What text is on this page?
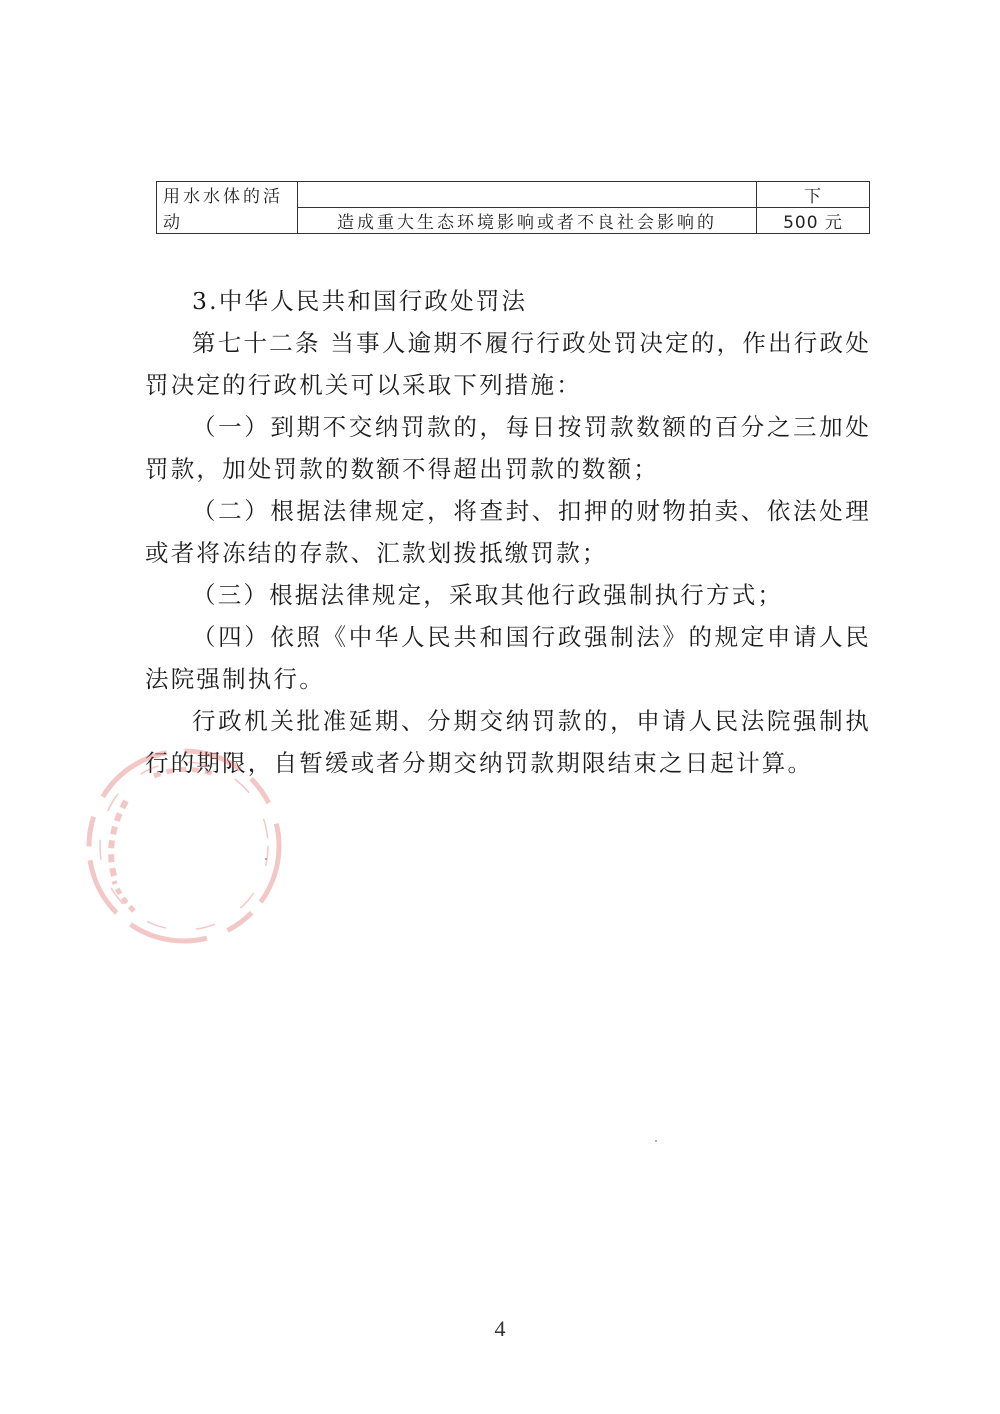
用水水体的活		下
动	造成重大生态环境影响或者不良社会影响的	500 元

3.中华人民共和国行政处罚法

第七十二条 当事人逾期不履行行政处罚决定的，作出行政处罚决定的行政机关可以采取下列措施：

（一）到期不交纳罚款的，每日按罚款数额的百分之三加处罚款，加处罚款的数额不得超出罚款的数额；

（二）根据法律规定，将查封、扣押的财物拍卖、依法处理或者将冻结的存款、汇款划拨抵缴罚款；

（三）根据法律规定，采取其他行政强制执行方式；

（四）依照《中华人民共和国行政强制法》的规定申请人民法院强制执行。

行政机关批准延期、分期交纳罚款的，申请人民法院强制执行的期限，自暂缓或者分期交纳罚款期限结束之日起计算。

4
